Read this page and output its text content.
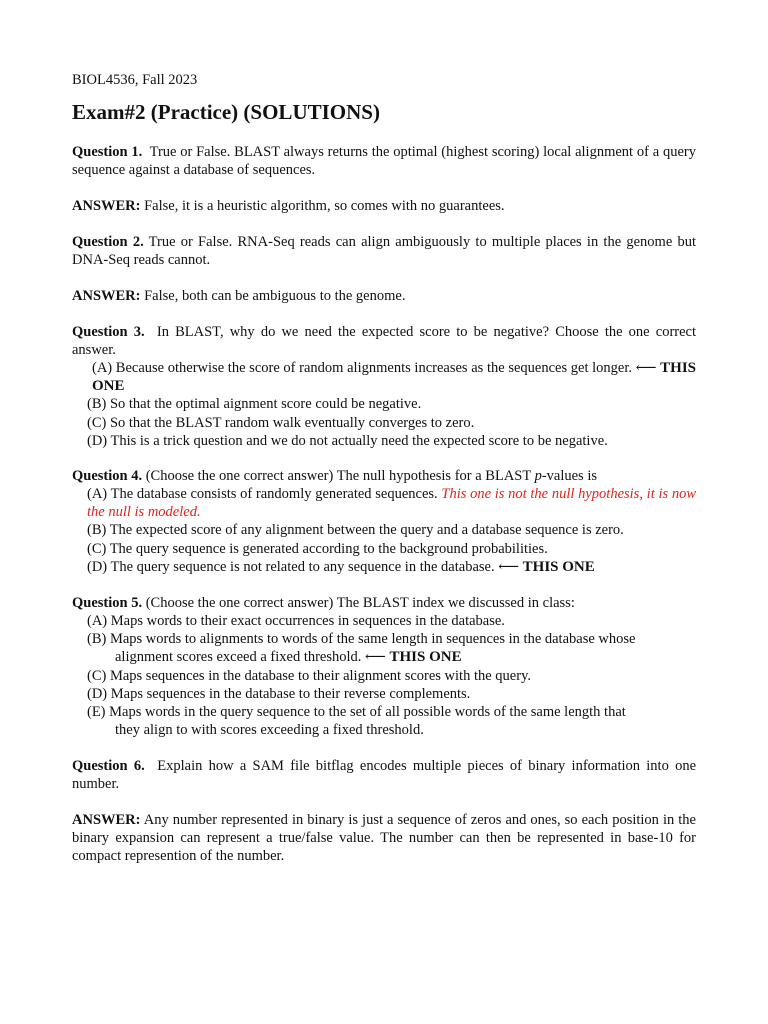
BIOL4536, Fall 2023
Exam#2 (Practice) (SOLUTIONS)
Question 1. True or False. BLAST always returns the optimal (highest scoring) local alignment of a query sequence against a database of sequences.
ANSWER: False, it is a heuristic algorithm, so comes with no guarantees.
Question 2. True or False. RNA-Seq reads can align ambiguously to multiple places in the genome but DNA-Seq reads cannot.
ANSWER: False, both can be ambiguous to the genome.
Question 3. In BLAST, why do we need the expected score to be negative? Choose the one correct answer.
(A) Because otherwise the score of random alignments increases as the sequences get longer. ⟵ THIS ONE
(B) So that the optimal aignment score could be negative.
(C) So that the BLAST random walk eventually converges to zero.
(D) This is a trick question and we do not actually need the expected score to be negative.
Question 4. (Choose the one correct answer) The null hypothesis for a BLAST p-values is
(A) The database consists of randomly generated sequences. This one is not the null hypothesis, it is now the null is modeled.
(B) The expected score of any alignment between the query and a database sequence is zero.
(C) The query sequence is generated according to the background probabilities.
(D) The query sequence is not related to any sequence in the database. ⟵ THIS ONE
Question 5. (Choose the one correct answer) The BLAST index we discussed in class:
(A) Maps words to their exact occurrences in sequences in the database.
(B) Maps words to alignments to words of the same length in sequences in the database whose
alignment scores exceed a fixed threshold. ⟵ THIS ONE
(C) Maps sequences in the database to their alignment scores with the query.
(D) Maps sequences in the database to their reverse complements.
(E) Maps words in the query sequence to the set of all possible words of the same length that
they align to with scores exceeding a fixed threshold.
Question 6. Explain how a SAM file bitflag encodes multiple pieces of binary information into one number.
ANSWER: Any number represented in binary is just a sequence of zeros and ones, so each position in the binary expansion can represent a true/false value. The number can then be represented in base-10 for compact represention of the number.
